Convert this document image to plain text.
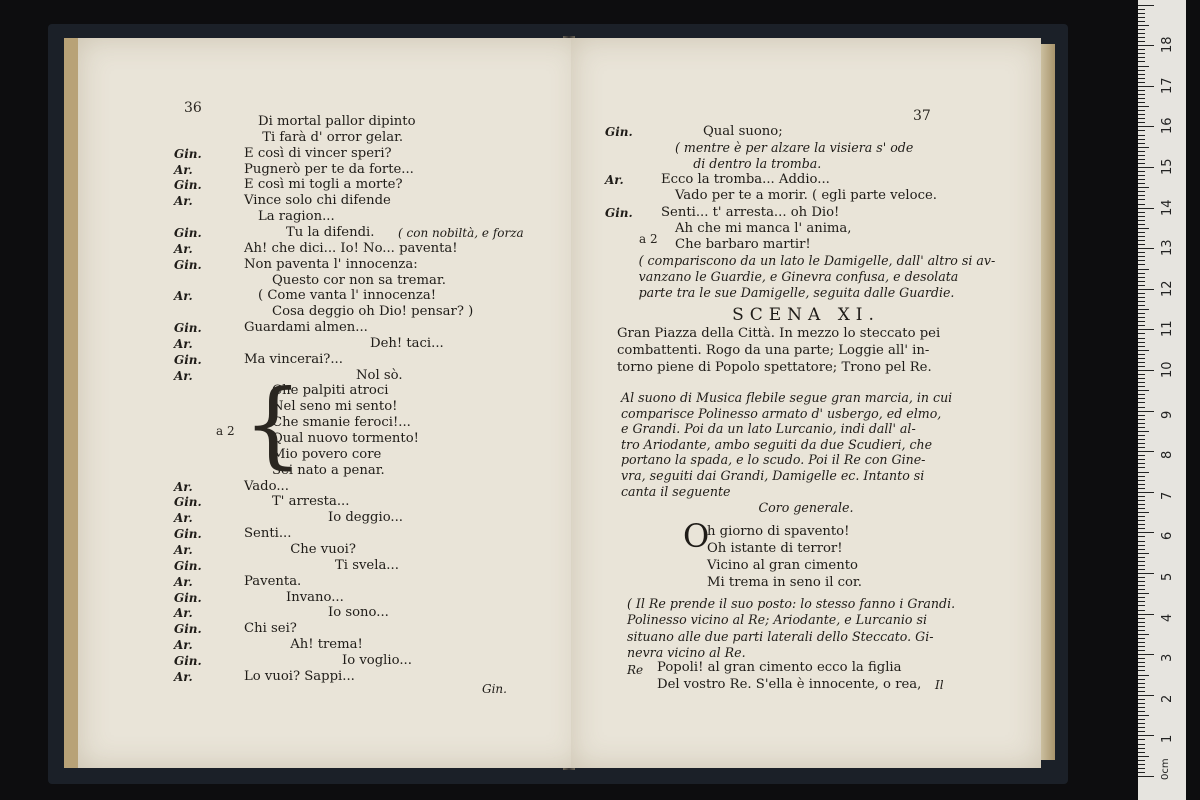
36
Di mortal pallor dipinto
Ti farà d' orror gelar.
Gin.	E così di vincer speri?
Ar.	Pugnerò per te da forte...
Gin.	E così mi togli a morte?
Ar.	Vince solo chi difende
La ragion...
Gin.	Tu la difendi. ( con nobiltà, e forza
Ar.	Ah! che dici... Io! No... paventa!
Gin.	Non paventa l' innocenza:
Questo cor non sa tremar.
Ar.	( Come vanta l' innocenza!
Cosa deggio oh Dio! pensar? )
Gin.	Guardami almen...
Ar.	Deh! taci...
Gin.	Ma vincerai?...
Ar.	Nol sò.
Che palpiti atroci
Nel seno mi sento!
Che smanie feroci!...
Qual nuovo tormento!
Mio povero core
Sei nato a penar.
Ar.	Vado...
Gin.	T' arresta...
Ar.	Io deggio...
Gin.	Senti...
Ar.	Che vuoi?
Gin.	Ti svela...
Ar.	Paventa.
Gin.	Invano...
Ar.	Io sono...
Gin.	Chi sei?
Ar.	Ah! trema!
Gin.	Io voglio...
Ar.	Lo vuoi? Sappi...
{
a 2
Gin.
37
Gin.	Qual suono;
( mentre è per alzare la visiera s' ode
di dentro la tromba.
Ar.	Ecco la tromba... Addio...
Vado per te a morir. ( egli parte veloce.
Gin. Senti... t' arresta... oh Dio!
Ah che mi manca l' anima,
Che barbaro martir!
( compariscono da un lato le Damigelle, dall' altro si av-
vanzano le Guardie, e Ginevra confusa, e desolata
parte tra le sue Damigelle, seguita dalle Guardie.
a 2
SCENA XI.
Gran Piazza della Città. In mezzo lo steccato pei
combattenti. Rogo da una parte; Loggie all' in-
torno piene di Popolo spettatore; Trono pel Re.
Al suono di Musica flebile segue gran marcia, in cui
comparisce Polinesso armato d' usbergo, ed elmo,
e Grandi. Poi da un lato Lurcanio, indi dall' al-
tro Ariodante, ambo seguiti da due Scudieri, che
portano la spada, e lo scudo. Poi il Re con Gine-
vra, seguiti dai Grandi, Damigelle ec. Intanto si
canta il seguente
Coro generale.
O
h giorno di spavento!
Oh istante di terror!
Vicino al gran cimento
Mi trema in seno il cor.
( Il Re prende il suo posto: lo stesso fanno i Grandi.
Polinesso vicino al Re; Ariodante, e Lurcanio si
situano alle due parti laterali dello Steccato. Gi-
nevra vicino al Re.
Re	Popoli! al gran cimento ecco la figlia
Del vostro Re. S'ella è innocente, o rea,	Il
18
17
16
15
14
13
12
11
10
9
8
7
6
5
4
3
2
1
0cm
